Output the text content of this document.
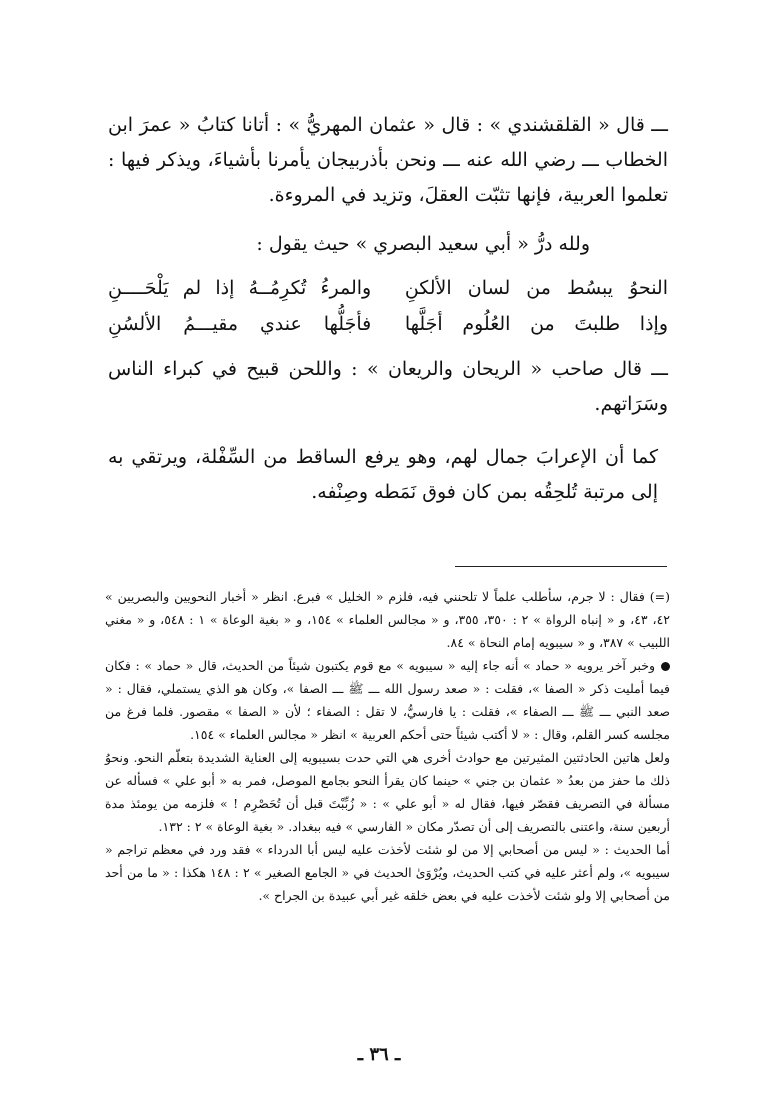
ـــ قال « القلقشندي » : قال « عثمان المهريُّ » : أتانا كتابُ « عمرَ ابن الخطاب ـــ رضي الله عنه ـــ ونحن بأذربيجان يأمرنا بأشياءَ، ويذكر فيها : تعلموا العربية، فإنها تثبّت العقلَ، وتزيد في المروءة.

ولله درُّ « أبي سعيد البصري » حيث يقول :

النحوُ يبسُط من لسان الألكنِ
والمرءُ تُكرِمُــهُ إذا لم يَلْحَــــنِ
وإذا طلبتَ من العُلُوم أجَلَّها
فأجَلُّها عندي مقيـــمُ الألسُنِ

ـــ قال صاحب « الريحان والريعان » : واللحن قبيح في كبراء الناس وسَرَاتهم.

كما أن الإعرابَ جمال لهم، وهو يرفع الساقط من السِّفْلة، ويرتقي به إلى مرتبة تُلحِقُه بمن كان فوق نَمَطه وصِنْفه.

(=) فقال : لا جرم، سأطلب علماً لا تلحنني فيه، فلزم « الخليل » فبرع. انظر « أخبار النحويين والبصريين » ٤٢، ٤٣، و « إنباه الرواة » ٢ : ٣٥٠، ٣٥٥، و « مجالس العلماء » ١٥٤، و « بغية الوعاة » ١ : ٥٤٨، و « مغني اللبيب » ٣٨٧، و « سيبويه إمام النحاة » ٨٤.

وخبر آخر يرويه « حماد » أنه جاء إليه « سيبويه » مع قوم يكتبون شيئاً من الحديث، قال « حماد » : فكان فيما أمليت ذكر « الصفا »، فقلت : « صعد رسول الله ـــ ﷺ ـــ الصفا »، وكان هو الذي يستملي، فقال : « صعد النبي ـــ ﷺ ـــ الصفاء »، فقلت : يا فارسيُّ، لا تقل : الصفاء ؛ لأن « الصفا » مقصور. فلما فرغ من مجلسه كسر القلم، وقال : « لا أكتب شيئاً حتى أحكم العربية » انظر « مجالس العلماء » ١٥٤.

ولعل هاتين الحادثتين المثيرتين مع حوادث أخرى هي التي حدت بسيبويه إلى العناية الشديدة بتعلّم النحو. ونحوُ ذلك ما حفز من بعدُ « عثمان بن جني » حينما كان يقرأ النحو بجامع الموصل، فمر به « أبو علي » فسأله عن مسألة في التصريف فقصّر فيها، فقال له « أبو علي » : « زُبِّبْتَ قبل أن تُحَصْرِم ! » فلزمه من يومئذ مدة أربعين سنة، واعتنى بالتصريف إلى أن تصدّر مكان « الفارسي » فيه ببغداد. « بغية الوعاة » ٢ : ١٣٢.

أما الحديث : « ليس من أصحابي إلا من لو شئت لأخذت عليه ليس أبا الدرداء » فقد ورد في معظم تراجم « سيبويه »، ولم أعثر عليه في كتب الحديث، ويُرْوَىٰ الحديث في « الجامع الصغير » ٢ : ١٤٨ هكذا : « ما من أحد من أصحابي إلا ولو شئت لأخذت عليه في بعض خلقه غير أبي عبيدة بن الجراح ».

ـ ٣٦ ـ
